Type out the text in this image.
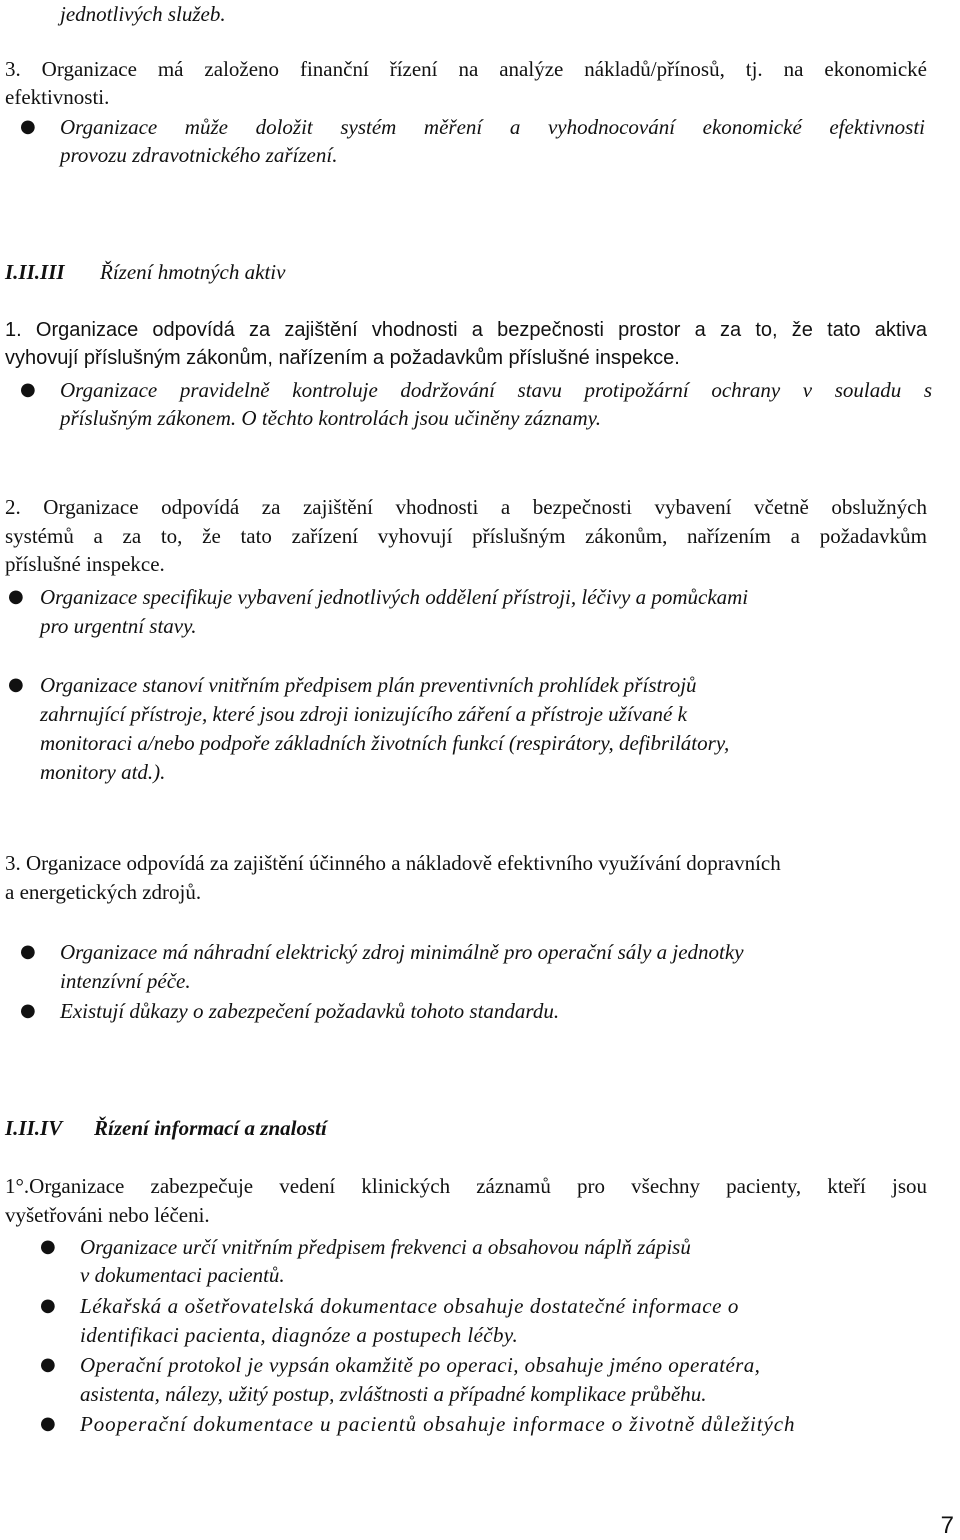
jednotlivých služeb.
3. Organizace má založeno finanční řízení na analýze nákladů/přínosů, tj. na ekonomické
efektivnosti.
● Organizace může doložit systém měření a vyhodnocování ekonomické efektivnosti
provozu zdravotnického zařízení.
I.II.III Řízení hmotných aktiv
1. Organizace odpovídá za zajištění vhodnosti a bezpečnosti prostor a za to, že tato aktiva
vyhovují příslušným zákonům, nařízením a požadavkům příslušné inspekce.
● Organizace pravidelně kontroluje dodržování stavu protipožární ochrany v souladu s
příslušným zákonem. O těchto kontrolách jsou učiněny záznamy.
2. Organizace odpovídá za zajištění vhodnosti a bezpečnosti vybavení včetně obslužných
systémů a za to, že tato zařízení vyhovují příslušným zákonům, nařízením a požadavkům
příslušné inspekce.
● Organizace specifikuje vybavení jednotlivých oddělení přístroji, léčivy a pomůckami
pro urgentní stavy.
● Organizace stanoví vnitřním předpisem plán preventivních prohlídek přístrojů
zahrnující přístroje, které jsou zdroji ionizujícího záření a přístroje užívané k
monitoraci a/nebo podpoře základních životních funkcí (respirátory, defibrilátory,
monitory atd.).
3. Organizace odpovídá za zajištění účinného a nákladově efektivního využívání dopravních
a energetických zdrojů.
● Organizace má náhradní elektrický zdroj minimálně pro operační sály a jednotky
intenzívní péče.
● Existují důkazy o zabezpečení požadavků tohoto standardu.
I.II.IV Řízení informací a znalostí
1°.Organizace zabezpečuje vedení klinických záznamů pro všechny pacienty, kteří jsou
vyšetřováni nebo léčeni.
● Organizace určí vnitřním předpisem frekvenci a obsahovou náplň zápisů
v dokumentaci pacientů.
● Lékařská a ošetřovatelská dokumentace obsahuje dostatečné informace o
identifikaci pacienta, diagnóze a postupech léčby.
● Operační protokol je vypsán okamžitě po operaci, obsahuje jméno operatéra,
asistenta, nálezy, užitý postup, zvláštnosti a případné komplikace průběhu.
● Pooperační dokumentace u pacientů obsahuje informace o životně důležitých
7
